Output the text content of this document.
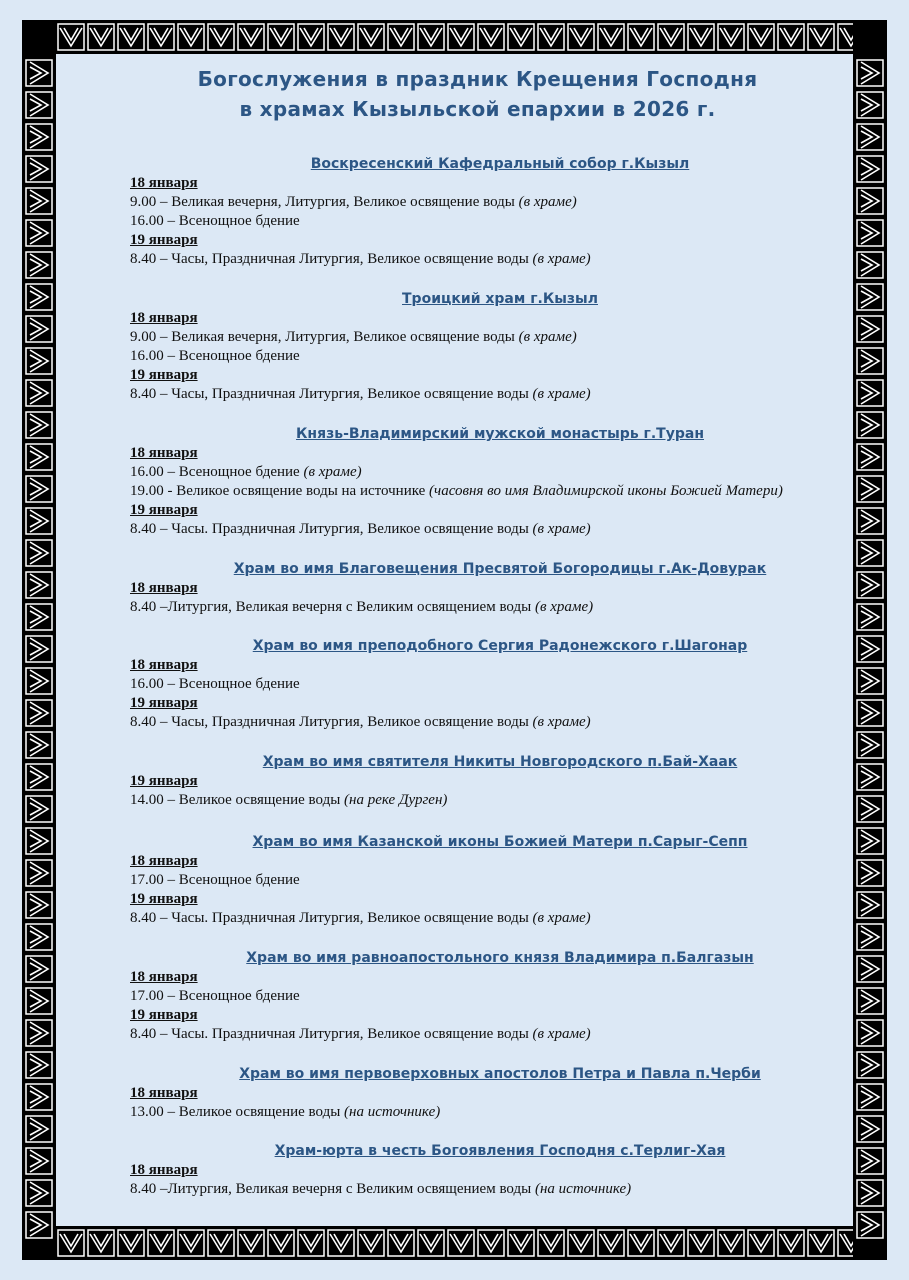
Богослужения в праздник Крещения Господня
в храмах Кызыльской епархии в 2026 г.
Воскресенский Кафедральный собор г.Кызыл
18 января
9.00 – Великая вечерня, Литургия, Великое освящение воды (в храме)
16.00 – Всенощное бдение
19 января
8.40 – Часы, Праздничная Литургия, Великое освящение воды (в храме)
Троицкий храм г.Кызыл
18 января
9.00 – Великая вечерня, Литургия, Великое освящение воды (в храме)
16.00 – Всенощное бдение
19 января
8.40 – Часы, Праздничная Литургия, Великое освящение воды (в храме)
Князь-Владимирский мужской монастырь г.Туран
18 января
16.00 – Всенощное бдение (в храме)
19.00 - Великое освящение воды на источнике (часовня во имя Владимирской иконы Божией Матери)
19 января
8.40 – Часы. Праздничная Литургия, Великое освящение воды (в храме)
Храм во имя Благовещения Пресвятой Богородицы г.Ак-Довурак
18 января
8.40 –Литургия, Великая вечерня с Великим освящением воды (в храме)
Храм во имя преподобного Сергия Радонежского г.Шагонар
18 января
16.00 – Всенощное бдение
19 января
8.40 – Часы, Праздничная Литургия, Великое освящение воды (в храме)
Храм во имя святителя Никиты Новгородского п.Бай-Хаак
19 января
14.00 – Великое освящение воды (на реке Дурген)
Храм во имя Казанской иконы Божией Матери п.Сарыг-Сепп
18 января
17.00 – Всенощное бдение
19 января
8.40 – Часы. Праздничная Литургия, Великое освящение воды (в храме)
Храм во имя равноапостольного князя Владимира п.Балгазын
18 января
17.00 – Всенощное бдение
19 января
8.40 – Часы. Праздничная Литургия, Великое освящение воды (в храме)
Храм во имя первоверховных апостолов Петра и Павла п.Черби
18 января
13.00 – Великое освящение воды (на источнике)
Храм-юрта в честь Богоявления Господня с.Терлиг-Хая
18 января
8.40 –Литургия, Великая вечерня с Великим освящением воды (на источнике)
